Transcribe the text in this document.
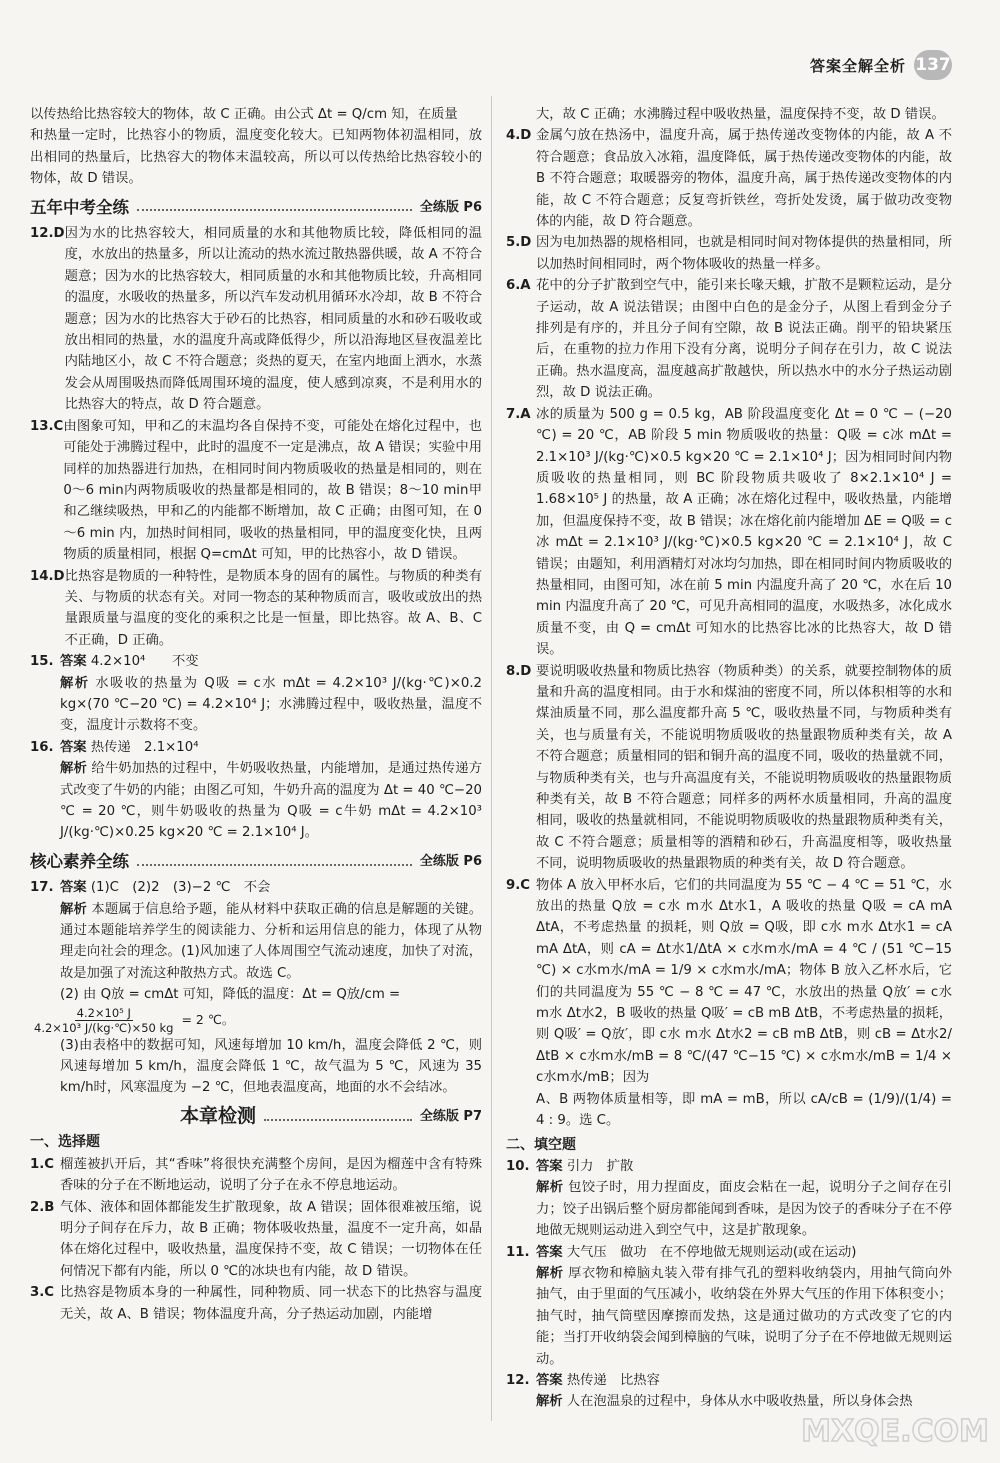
答案全解全析 137

以传热给比热容较大的物体，故 C 正确。由公式 Δt = Q/cm 知，在质量

和热量一定时，比热容小的物质，温度变化较大。已知两物体初温相同，放出相同的热量后，比热容大的物体末温较高，所以可以传热给比热容较小的物体，故 D 错误。

五年中考全练	全练版 P6
12.D 因为水的比热容较大，相同质量的水和其他物质比较，降低相同的温度，水放出的热量多，所以让流动的热水流过散热器供暖，故 A 不符合题意；因为水的比热容较大，相同质量的水和其他物质比较，升高相同的温度，水吸收的热量多，所以汽车发动机用循环水冷却，故 B 不符合题意；因为水的比热容大于砂石的比热容，相同质量的水和砂石吸收或放出相同的热量，水的温度升高或降低得少，所以沿海地区昼夜温差比内陆地区小，故 C 不符合题意；炎热的夏天，在室内地面上洒水，水蒸发会从周围吸热而降低周围环境的温度，使人感到凉爽，不是利用水的比热容大的特点，故 D 符合题意。
13.C 由图象可知，甲和乙的末温均各自保持不变，可能处在熔化过程中，也可能处于沸腾过程中，此时的温度不一定是沸点，故 A 错误；实验中用同样的加热器进行加热，在相同时间内物质吸收的热量是相同的，则在 0～6 min内两物质吸收的热量都是相同的，故 B 错误；8～10 min甲和乙继续吸热，甲和乙的内能都不断增加，故 C 正确；由图可知，在 0～6 min 内，加热时间相同，吸收的热量相同，甲的温度变化快，且两物质的质量相同，根据 Q=cmΔt 可知，甲的比热容小，故 D 错误。
14.D 比热容是物质的一种特性，是物质本身的固有的属性。与物质的种类有关、与物质的状态有关。对同一物态的某种物质而言，吸收或放出的热量跟质量与温度的变化的乘积之比是一恒量，即比热容。故 A、B、C 不正确，D 正确。
15. 答案 4.2×10⁴　　不变
解析 水吸收的热量为 Q吸 = c水 mΔt = 4.2×10³ J/(kg·℃)×0.2 kg×(70 ℃−20 ℃) = 4.2×10⁴ J；水沸腾过程中，吸收热量，温度不变，温度计示数将不变。
16. 答案 热传递　2.1×10⁴
解析 给牛奶加热的过程中，牛奶吸收热量，内能增加，是通过热传递方式改变了牛奶的内能；由图乙可知，牛奶升高的温度为 Δt = 40 ℃−20 ℃ = 20 ℃，则牛奶吸收的热量为 Q吸 = c牛奶 mΔt = 4.2×10³ J/(kg·℃)×0.25 kg×20 ℃ = 2.1×10⁴ J。
核心素养全练	全练版 P6
17. 答案 (1)C　(2)2　(3)−2 ℃　不会
解析 本题属于信息给予题，能从材料中获取正确的信息是解题的关键。通过本题能培养学生的阅读能力、分析和运用信息的能力，体现了从物理走向社会的理念。(1)风加速了人体周围空气流动速度，加快了对流，故是加强了对流这种散热方式。故选 C。
(2) 由 Q放 = cmΔt 可知，降低的温度：Δt = Q放/cm =
$\frac{\text{4.2×10⁵ J}}{\text{4.2×10³ J/(kg·℃)×50 kg}} = 2$ ℃。
(3)由表格中的数据可知，风速每增加 10 km/h，温度会降低 2 ℃，则风速每增加 5 km/h，温度会降低 1 ℃，故气温为 5 ℃，风速为 35 km/h时，风寒温度为 −2 ℃，但地表温度高，地面的水不会结冰。
本章检测	全练版 P7
一、选择题
1.C 榴莲被扒开后，其“香味”将很快充满整个房间，是因为榴莲中含有特殊香味的分子在不断地运动，说明了分子在永不停息地运动。
2.B 气体、液体和固体都能发生扩散现象，故 A 错误；固体很难被压缩，说明分子间存在斥力，故 B 正确；物体吸收热量，温度不一定升高，如晶体在熔化过程中，吸收热量，温度保持不变，故 C 错误；一切物体在任何情况下都有内能，所以 0 ℃的冰块也有内能，故 D 错误。
3.C 比热容是物质本身的一种属性，同种物质、同一状态下的比热容与温度无关，故 A、B 错误；物体温度升高，分子热运动加剧，内能增

大，故 C 正确；水沸腾过程中吸收热量，温度保持不变，故 D 错误。

4.D 金属勺放在热汤中，温度升高，属于热传递改变物体的内能，故 A 不符合题意；食品放入冰箱，温度降低，属于热传递改变物体的内能，故 B 不符合题意；取暖器旁的物体，温度升高，属于热传递改变物体的内能，故 C 不符合题意；反复弯折铁丝，弯折处发烫，属于做功改变物体的内能，故 D 符合题意。
5.D 因为电加热器的规格相同，也就是相同时间对物体提供的热量相同，所以加热时间相同时，两个物体吸收的热量一样多。
6.A 花中的分子扩散到空气中，能引来长喙天蛾，扩散不是颗粒运动，是分子运动，故 A 说法错误；由图中白色的是金分子，从图上看到金分子排列是有序的，并且分子间有空隙，故 B 说法正确。削平的铅块紧压后，在重物的拉力作用下没有分离，说明分子间存在引力，故 C 说法正确。热水温度高，温度越高扩散越快，所以热水中的水分子热运动剧烈，故 D 说法正确。
7.A 冰的质量为 500 g = 0.5 kg，AB 阶段温度变化 Δt = 0 ℃ − (−20 ℃) = 20 ℃，AB 阶段 5 min 物质吸收的热量：Q吸 = c冰 mΔt = 2.1×10³ J/(kg·℃)×0.5 kg×20 ℃ = 2.1×10⁴ J；因为相同时间内物质吸收的热量相同，则 BC 阶段物质共吸收了 8×2.1×10⁴ J = 1.68×10⁵ J 的热量，故 A 正确；冰在熔化过程中，吸收热量，内能增加，但温度保持不变，故 B 错误；冰在熔化前内能增加 ΔE = Q吸 = c冰 mΔt = 2.1×10³ J/(kg·℃)×0.5 kg×20 ℃ = 2.1×10⁴ J，故 C 错误；由题知，利用酒精灯对冰均匀加热，即在相同时间内物质吸收的热量相同，由图可知，冰在前 5 min 内温度升高了 20 ℃，水在后 10 min 内温度升高了 20 ℃，可见升高相同的温度，水吸热多，冰化成水质量不变，由 Q = cmΔt 可知水的比热容比冰的比热容大，故 D 错误。
8.D 要说明吸收热量和物质比热容（物质种类）的关系，就要控制物体的质量和升高的温度相同。由于水和煤油的密度不同，所以体积相等的水和煤油质量不同，那么温度都升高 5 ℃，吸收热量不同，与物质种类有关，也与质量有关，不能说明物质吸收的热量跟物质种类有关，故 A 不符合题意；质量相同的铝和铜升高的温度不同，吸收的热量就不同，与物质种类有关，也与升高温度有关，不能说明物质吸收的热量跟物质种类有关，故 B 不符合题意；同样多的两杯水质量相同，升高的温度相同，吸收的热量就相同，不能说明物质吸收的热量跟物质种类有关，故 C 不符合题意；质量相等的酒精和砂石，升高温度相等，吸收热量不同，说明物质吸收的热量跟物质的种类有关，故 D 符合题意。
9.C 物体 A 放入甲杯水后，它们的共同温度为 55 ℃ − 4 ℃ = 51 ℃，水放出的热量 Q放 = c水 m水 Δt水1，A 吸收的热量 Q吸 = cA mA ΔtA，不考虑热量 的损耗，则 Q放 = Q吸，即 c水 m水 Δt水1 = cA mA ΔtA，则 cA = Δt水1/ΔtA × c水m水/mA = 4 ℃ / (51 ℃−15 ℃) × c水m水/mA = 1/9 × c水m水/mA；物体 B 放入乙杯水后，它们的共同温度为 55 ℃ − 8 ℃ = 47 ℃，水放出的热量 Q放′ = c水 m水 Δt水2，B 吸收的热量 Q吸′ = cB mB ΔtB，不考虑热量的损耗，则 Q吸′ = Q放′，即 c水 m水 Δt水2 = cB mB ΔtB，则 cB = Δt水2/ΔtB × c水m水/mB = 8 ℃/(47 ℃−15 ℃) × c水m水/mB = 1/4 × c水m水/mB；因为
A、B 两物体质量相等，即 mA = mB，所以 cA/cB = (1/9)/(1/4) = 4 : 9。选 C。
二、填空题
10. 答案 引力　扩散
解析 包饺子时，用力捏面皮，面皮会粘在一起，说明分子之间存在引力；饺子出锅后整个厨房都能闻到香味，是因为饺子的香味分子在不停地做无规则运动进入到空气中，这是扩散现象。
11. 答案 大气压　做功　在不停地做无规则运动(或在运动)
解析 厚衣物和樟脑丸装入带有排气孔的塑料收纳袋内，用抽气筒向外抽气，由于里面的气压减小，收纳袋在外界大气压的作用下体积变小；抽气时，抽气筒壁因摩擦而发热，这是通过做功的方式改变了它的内能；当打开收纳袋会闻到樟脑的气味，说明了分子在不停地做无规则运动。
12. 答案 热传递　比热容
解析 人在泡温泉的过程中，身体从水中吸收热量，所以身体会热
MXQE.COM
